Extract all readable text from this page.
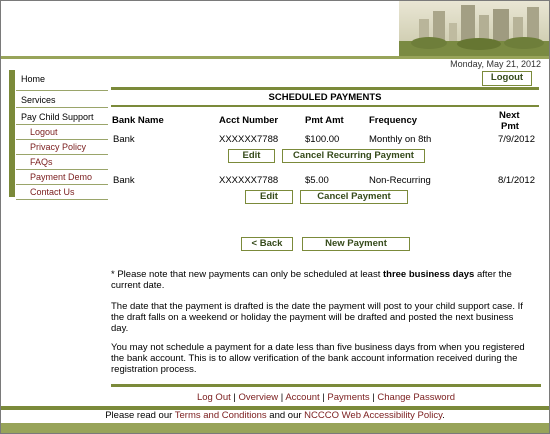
Monday, May 21, 2012
Home
Services
Pay Child Support
Logout
Privacy Policy
FAQs
Payment Demo
Contact Us
Logout
SCHEDULED PAYMENTS
Bank Name	Acct Number	Pmt Amt	Frequency	Next
Pmt
Bank	XXXXXX7788	$100.00	Monthly on 8th	7/9/2012
Edit	Cancel Recurring Payment
Bank	XXXXXX7788	$5.00	Non-Recurring	8/1/2012
Edit	Cancel Payment
< Back	New Payment
* Please note that new payments can only be scheduled at least three business days after the current date.
The date that the payment is drafted is the date the payment will post to your child support case. If the draft falls on a weekend or holiday the payment will be drafted and posted the next business day.
You may not schedule a payment for a date less than five business days from when you registered the bank account. This is to allow verification of the bank account information received during the registration process.
Log Out | Overview | Account | Payments | Change Password
Please read our Terms and Conditions and our NCCCO Web Accessibility Policy.
